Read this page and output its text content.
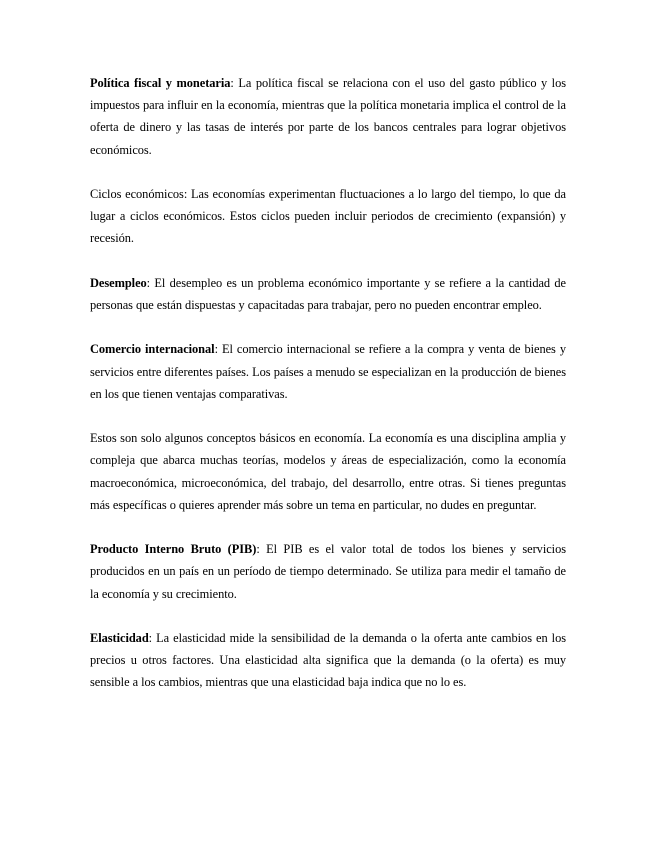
Política fiscal y monetaria: La política fiscal se relaciona con el uso del gasto público y los impuestos para influir en la economía, mientras que la política monetaria implica el control de la oferta de dinero y las tasas de interés por parte de los bancos centrales para lograr objetivos económicos.

Ciclos económicos: Las economías experimentan fluctuaciones a lo largo del tiempo, lo que da lugar a ciclos económicos. Estos ciclos pueden incluir periodos de crecimiento (expansión) y recesión.

Desempleo: El desempleo es un problema económico importante y se refiere a la cantidad de personas que están dispuestas y capacitadas para trabajar, pero no pueden encontrar empleo.

Comercio internacional: El comercio internacional se refiere a la compra y venta de bienes y servicios entre diferentes países. Los países a menudo se especializan en la producción de bienes en los que tienen ventajas comparativas.

Estos son solo algunos conceptos básicos en economía. La economía es una disciplina amplia y compleja que abarca muchas teorías, modelos y áreas de especialización, como la economía macroeconómica, microeconómica, del trabajo, del desarrollo, entre otras. Si tienes preguntas más específicas o quieres aprender más sobre un tema en particular, no dudes en preguntar.

Producto Interno Bruto (PIB): El PIB es el valor total de todos los bienes y servicios producidos en un país en un período de tiempo determinado. Se utiliza para medir el tamaño de la economía y su crecimiento.

Elasticidad: La elasticidad mide la sensibilidad de la demanda o la oferta ante cambios en los precios u otros factores. Una elasticidad alta significa que la demanda (o la oferta) es muy sensible a los cambios, mientras que una elasticidad baja indica que no lo es.
